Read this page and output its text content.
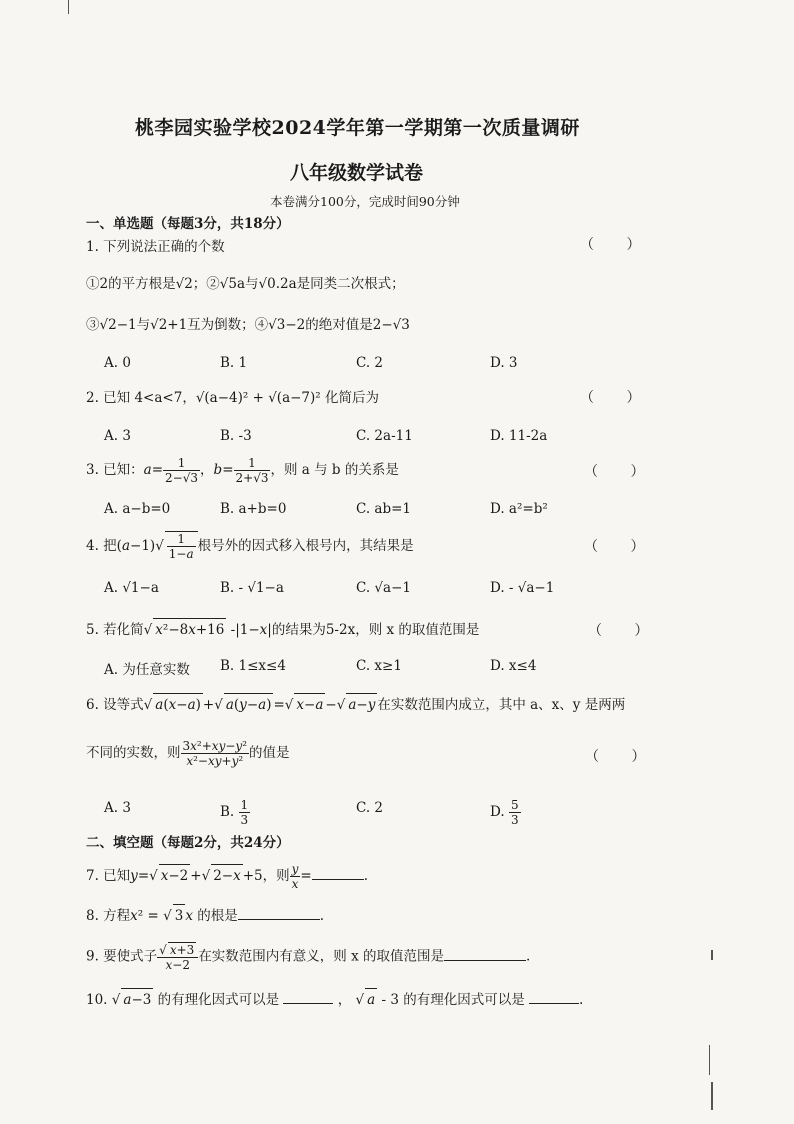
桃李园实验学校2024学年第一学期第一次质量调研
八年级数学试卷
本卷满分100分，完成时间90分钟
一、单选题（每题3分，共18分）
1. 下列说法正确的个数	（ ）
①2的平方根是√2；②√5a与√0.2a是同类二次根式；
③√2−1与√2+1互为倒数；④√3−2的绝对值是2−√3
A. 0	B. 1	C. 2	D. 3
2. 已知 4<a<7，√(a−4)² + √(a−7)² 化简后为	（ ）
A. 3	B. -3	C. 2a-11	D. 11-2a
3. 已知：$a= \frac{1}{2-√3}$ ，$b= \frac{1}{2+√3}$ ，则 a 与 b 的关系是	（ ）
A. a−b=0	B. a+b=0	C. ab=1	D. a²=b²
4. 把$(a-1)√ \frac{1}{1-a}$ 根号外的因式移入根号内，其结果是	（ ）
A. √1−a	B. - √1−a	C. √a−1	D. - √a−1
5. 若化简√ x²−8x+16 -|1−x|的结果为5-2x，则 x 的取值范围是	（ ）
A. 为任意实数 B. 1≤x≤4	C. x≥1	D. x≤4
6. 设等式√ a(x−a) +√ a(y−a) =√ x−a −√ a−y 在实数范围内成立，其中 a、x、y 是两两
不同的实数，则 $\frac{\text{3x²+xy−y²}}{\text{x²−xy+y²}}$ 的值是	（ ）
A. 3	B. $\frac{1}{3}$	C. 2	D. $\frac{5}{3}$
二、填空题（每题2分，共24分）
7. 已知y=√ x−2 +√ 2−x +5，则 $\frac{y}{x}$ =	.
8. 方程x² = √ 3 x 的根是	.
9. 要使式子 $\frac{√ x+3}{x-2}$ 在实数范围内有意义，则 x 的取值范围是	.
10. √ a−3 的有理化因式可以是	， √ a - 3 的有理化因式可以是	.
